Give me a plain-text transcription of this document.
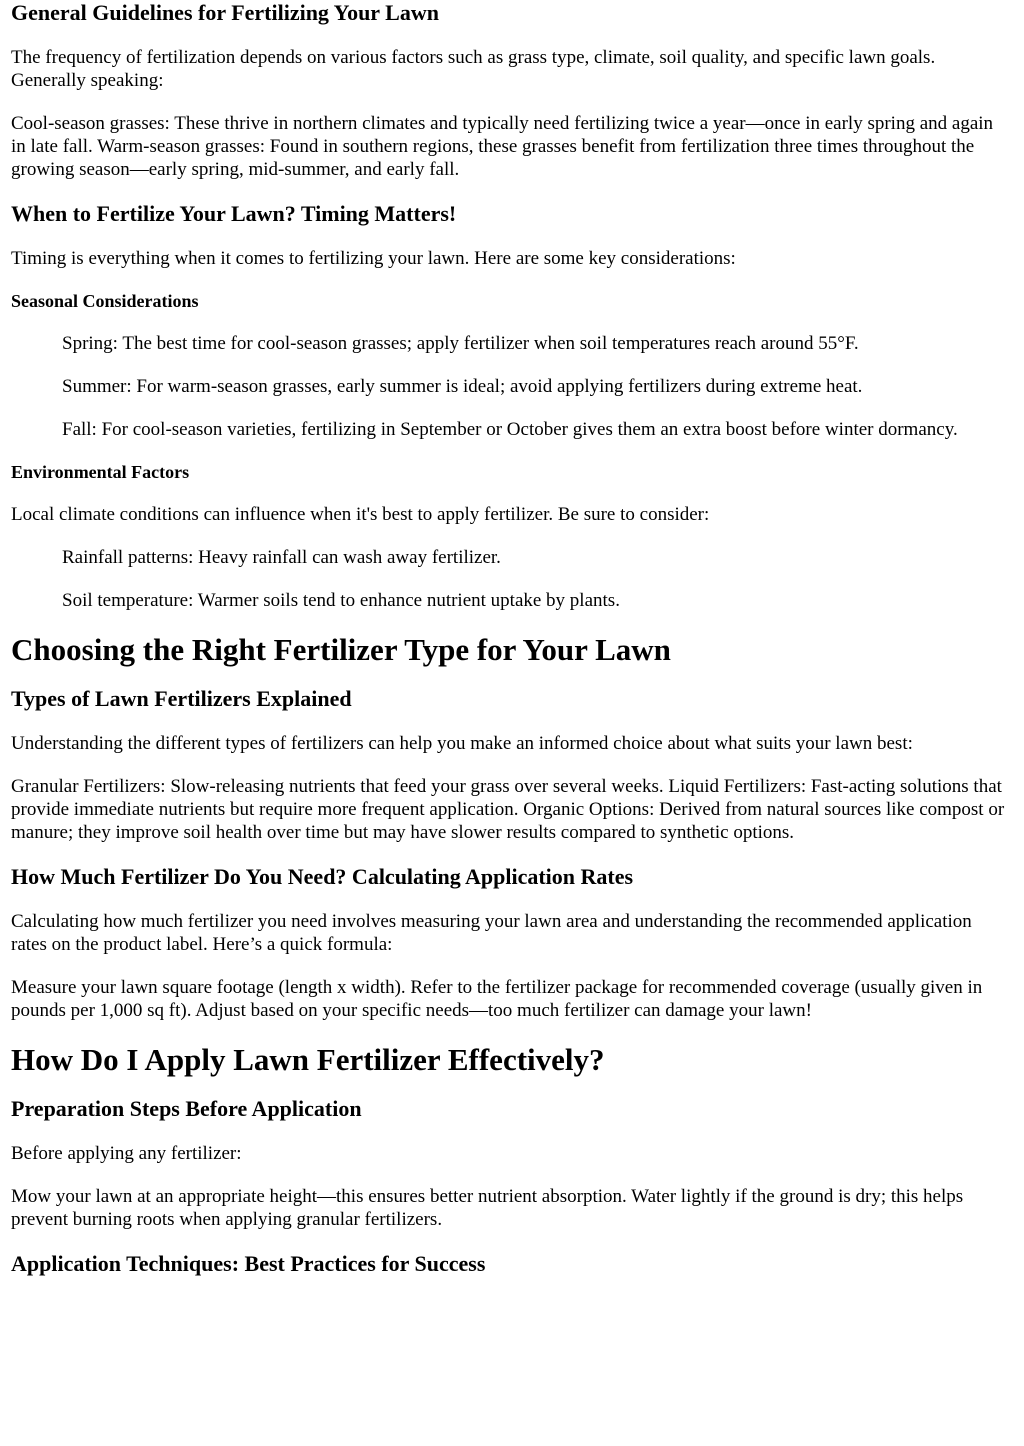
General Guidelines for Fertilizing Your Lawn

The frequency of fertilization depends on various factors such as grass type, climate, soil quality, and specific lawn goals. Generally speaking:

Cool-season grasses: These thrive in northern climates and typically need fertilizing twice a year—once in early spring and again in late fall. Warm-season grasses: Found in southern regions, these grasses benefit from fertilization three times throughout the growing season—early spring, mid-summer, and early fall.

When to Fertilize Your Lawn? Timing Matters!

Timing is everything when it comes to fertilizing your lawn. Here are some key considerations:

Seasonal Considerations
Spring: The best time for cool-season grasses; apply fertilizer when soil temperatures reach around 55°F.
Summer: For warm-season grasses, early summer is ideal; avoid applying fertilizers during extreme heat.
Fall: For cool-season varieties, fertilizing in September or October gives them an extra boost before winter dormancy.
Environmental Factors

Local climate conditions can influence when it's best to apply fertilizer. Be sure to consider:

Rainfall patterns: Heavy rainfall can wash away fertilizer.
Soil temperature: Warmer soils tend to enhance nutrient uptake by plants.
Choosing the Right Fertilizer Type for Your Lawn
Types of Lawn Fertilizers Explained

Understanding the different types of fertilizers can help you make an informed choice about what suits your lawn best:

Granular Fertilizers: Slow-releasing nutrients that feed your grass over several weeks. Liquid Fertilizers: Fast-acting solutions that provide immediate nutrients but require more frequent application. Organic Options: Derived from natural sources like compost or manure; they improve soil health over time but may have slower results compared to synthetic options.

How Much Fertilizer Do You Need? Calculating Application Rates

Calculating how much fertilizer you need involves measuring your lawn area and understanding the recommended application rates on the product label. Here’s a quick formula:

Measure your lawn square footage (length x width). Refer to the fertilizer package for recommended coverage (usually given in pounds per 1,000 sq ft). Adjust based on your specific needs—too much fertilizer can damage your lawn!

How Do I Apply Lawn Fertilizer Effectively?
Preparation Steps Before Application

Before applying any fertilizer:

Mow your lawn at an appropriate height—this ensures better nutrient absorption. Water lightly if the ground is dry; this helps prevent burning roots when applying granular fertilizers.

Application Techniques: Best Practices for Success
